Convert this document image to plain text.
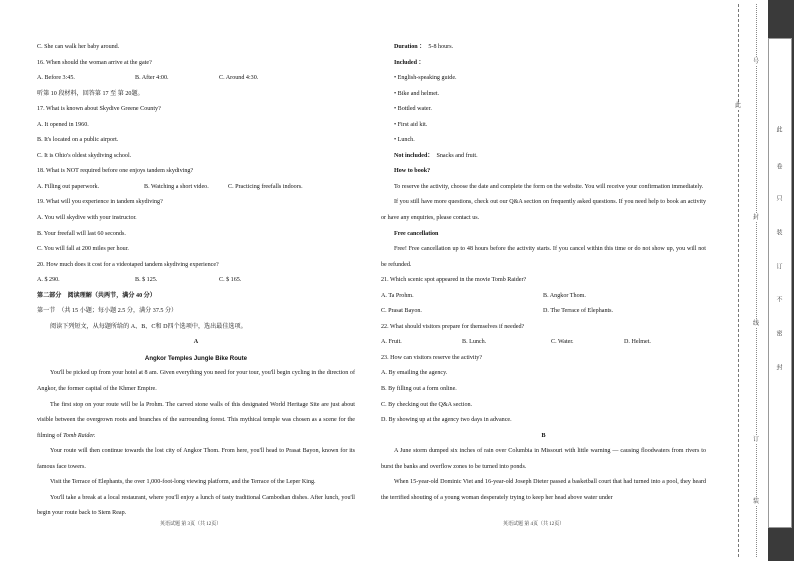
C. She can walk her baby around.
16. When should the woman arrive at the gate?
A. Before 3:45.	B. After 4:00.	C. Around 4:30.
听第 10 段材料，回答第 17 至 第 20题。
17. What is known about Skydive Greene County?
A. It opened in 1960.
B. It's located on a public airport.
C. It is Ohio's oldest skydiving school.
18. What is NOT required before one enjoys tandem skydiving?
A. Filling out paperwork.	B. Watching a short video.	C. Practicing freefalls indoors.
19. What will you experience in tandem skydiving?
A. You will skydive with your instructor.
B. Your freefall will last 60 seconds.
C. You will fall at 200 miles per hour.
20. How much does it cost for a videotaped tandem skydiving experience?
A. $ 290.	B. $ 125.	C. $ 165.
第二部分　阅读理解（共两节，满分 40 分）
第一节　（共 15 小题；每小题 2.5 分，满分 37.5 分）
阅读下列短文，从每题所给的 A、B、C和 D四个选项中，选出最佳选项。
A
Angkor Temples Jungle Bike Route
You'll be picked up from your hotel at 8 am. Given everything you need for your tour, you'll begin cycling in the direction of Angkor, the former capital of the Khmer Empire.
The first stop on your route will be la Prohm. The carved stone walls of this designated World Heritage Site are just about visible between the overgrown roots and branches of the surrounding forest. This mythical temple was chosen as a scene for the filming of Tomb Raider.
Your route will then continue towards the lost city of Angkor Thom. From here, you'll head to Prasat Bayon, known for its famous face towers.
Visit the Terrace of Elephants, the over 1,000-foot-long viewing platform, and the Terrace of the Leper King.
You'll take a break at a local restaurant, where you'll enjoy a lunch of tasty traditional Cambodian dishes. After lunch, you'll begin your route back to Siem Reap.
Duration ： 5-8 hours.
Included ：
• English-speaking guide.
• Bike and helmet.
• Bottled water.
• First aid kit.
• Lunch.
Not included： Snacks and fruit.
How to book?
To reserve the activity, choose the date and complete the form on the website. You will receive your confirmation immediately.
If you still have more questions, check out our Q&A section on frequently asked questions. If you need help to book an activity or have any enquiries, please contact us.
Free cancellation
Free! Free cancellation up to 48 hours before the activity starts. If you cancel within this time or do not show up, you will not be refunded.
21. Which scenic spot appeared in the movie Tomb Raider?
A. Ta Prohm.	B. Angkor Thom.
C. Prasat Bayon.	D. The Terrace of Elephants.
22. What should visitors prepare for themselves if needed?
A. Fruit.	B. Lunch.	C. Water.	D. Helmet.
23. How can visitors reserve the activity?
A. By emailing the agency.
B. By filling out a form online.
C. By checking out the Q&A section.
D. By showing up at the agency two days in advance.
B
A June storm dumped six inches of rain over Columbia in Missouri with little warning — causing floodwaters from rivers to burst the banks and overflow zones to be turned into ponds.
When 15-year-old Dominic Viet and 16-year-old Joseph Dieter passed a basketball court that had turned into a pool, they heard the terrified shouting of a young woman desperately trying to keep her head above water under
英语试题 第 3页（共 12页）	英语试题 第 4页（共 12页）
号
封
线
订
装
此
此
卷
只
装
订
不
密
封
